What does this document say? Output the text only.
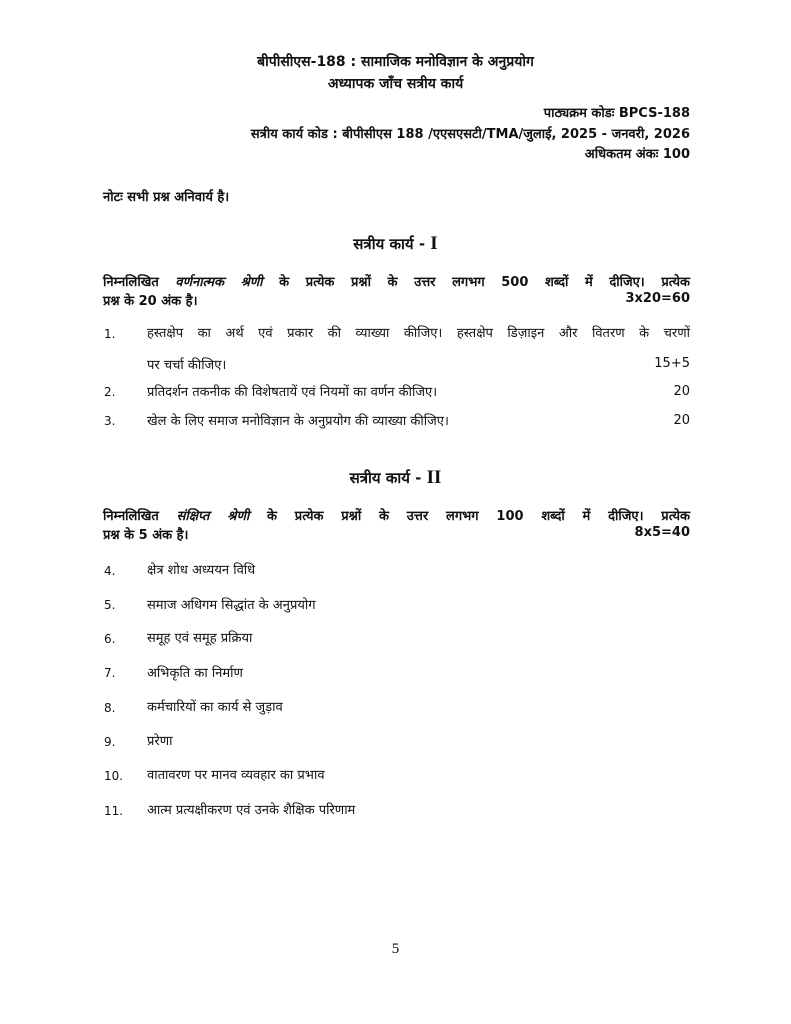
बीपीसीएस-188 : सामाजिक मनोविज्ञान के अनुप्रयोग
अध्यापक जाँच सत्रीय कार्य
पाठ्यक्रम कोडः BPCS-188
सत्रीय कार्य कोड : बीपीसीएस 188 /एएसएसटी/TMA/जुलाई, 2025 - जनवरी, 2026
अधिकतम अंकः 100
नोटः सभी प्रश्न अनिवार्य है।
सत्रीय कार्य - I
निम्नलिखित वर्णनात्मक श्रेणी के प्रत्येक प्रश्नों के उत्तर लगभग 500 शब्दों में दीजिए। प्रत्येक
प्रश्न के 20 अंक है।	3x20=60
1. हस्तक्षेप का अर्थ एवं प्रकार की व्याख्या कीजिए। हस्तक्षेप डिज़ाइन और वितरण के चरणों
पर चर्चा कीजिए।	15+5
2. प्रतिदर्शन तकनीक की विशेषतायें एवं नियमों का वर्णन कीजिए।	20
3. खेल के लिए समाज मनोविज्ञान के अनुप्रयोग की व्याख्या कीजिए।	20
सत्रीय कार्य - II
निम्नलिखित संक्षिप्त श्रेणी के प्रत्येक प्रश्नों के उत्तर लगभग 100 शब्दों में दीजिए। प्रत्येक
प्रश्न के 5 अंक है।	8x5=40
4. क्षेत्र शोध अध्ययन विधि
5. समाज अधिगम सिद्धांत के अनुप्रयोग
6. समूह एवं समूह प्रक्रिया
7. अभिकृति का निर्माण
8. कर्मचारियों का कार्य से जुड़ाव
9. प्ररेणा
10. वातावरण पर मानव व्यवहार का प्रभाव
11. आत्म प्रत्यक्षीकरण एवं उनके शैक्षिक परिणाम
5
